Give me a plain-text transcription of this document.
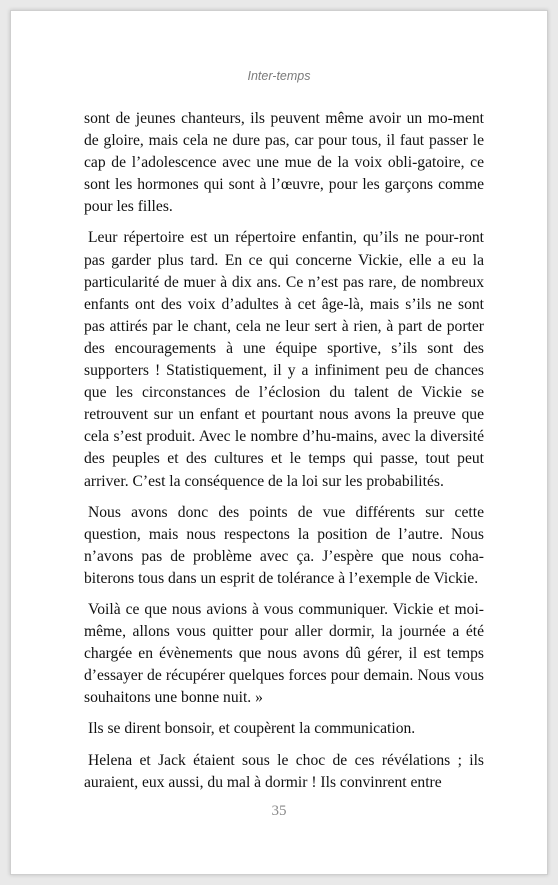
Inter-temps

sont de jeunes chanteurs, ils peuvent même avoir un mo-ment de gloire, mais cela ne dure pas, car pour tous, il faut passer le cap de l’adolescence avec une mue de la voix obli-gatoire, ce sont les hormones qui sont à l’œuvre, pour les garçons comme pour les filles.

Leur répertoire est un répertoire enfantin, qu’ils ne pour-ront pas garder plus tard. En ce qui concerne Vickie, elle a eu la particularité de muer à dix ans. Ce n’est pas rare, de nombreux enfants ont des voix d’adultes à cet âge-là, mais s’ils ne sont pas attirés par le chant, cela ne leur sert à rien, à part de porter des encouragements à une équipe sportive, s’ils sont des supporters ! Statistiquement, il y a infiniment peu de chances que les circonstances de l’éclosion du talent de Vickie se retrouvent sur un enfant et pourtant nous avons la preuve que cela s’est produit. Avec le nombre d’hu-mains, avec la diversité des peuples et des cultures et le temps qui passe, tout peut arriver. C’est la conséquence de la loi sur les probabilités.

Nous avons donc des points de vue différents sur cette question, mais nous respectons la position de l’autre. Nous n’avons pas de problème avec ça. J’espère que nous coha-biterons tous dans un esprit de tolérance à l’exemple de Vickie.

Voilà ce que nous avions à vous communiquer. Vickie et moi-même, allons vous quitter pour aller dormir, la journée a été chargée en évènements que nous avons dû gérer, il est temps d’essayer de récupérer quelques forces pour demain. Nous vous souhaitons une bonne nuit. »

Ils se dirent bonsoir, et coupèrent la communication.

Helena et Jack étaient sous le choc de ces révélations ; ils auraient, eux aussi, du mal à dormir ! Ils convinrent entre

35
